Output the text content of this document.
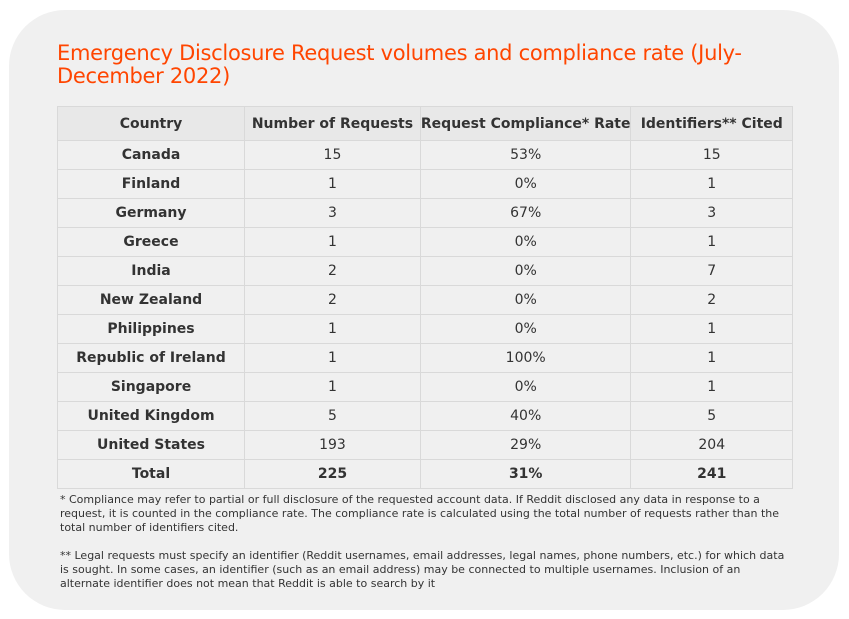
Emergency Disclosure Request volumes and compliance rate (July-December 2022)
Country	Number of Requests	Request Compliance* Rate	Identifiers** Cited
Canada	15	53%	15
Finland	1	0%	1
Germany	3	67%	3
Greece	1	0%	1
India	2	0%	7
New Zealand	2	0%	2
Philippines	1	0%	1
Republic of Ireland	1	100%	1
Singapore	1	0%	1
United Kingdom	5	40%	5
United States	193	29%	204
Total	225	31%	241

* Compliance may refer to partial or full disclosure of the requested account data. If Reddit disclosed any data in response to a request, it is counted in the compliance rate. The compliance rate is calculated using the total number of requests rather than the total number of identifiers cited.

** Legal requests must specify an identifier (Reddit usernames, email addresses, legal names, phone numbers, etc.) for which data is sought. In some cases, an identifier (such as an email address) may be connected to multiple usernames. Inclusion of an alternate identifier does not mean that Reddit is able to search by it
